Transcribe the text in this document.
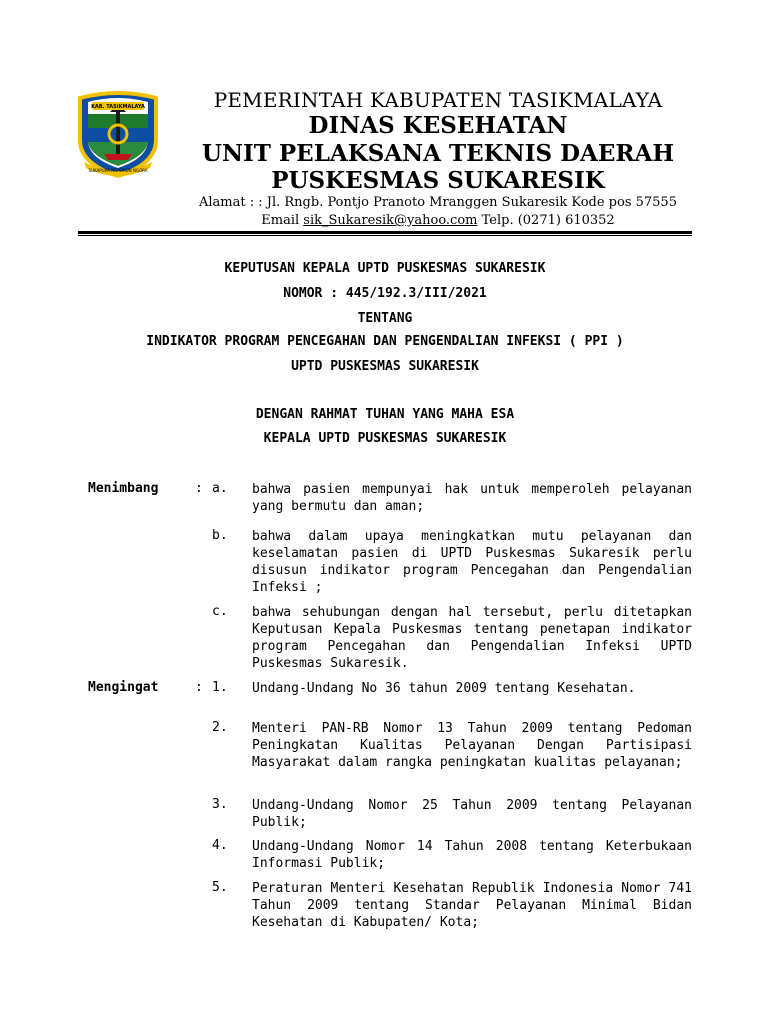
KAB. TASIKMALAYA
SUKAPURA NGADAUN NGORA
PEMERINTAH KABUPATEN TASIKMALAYA
DINAS KESEHATAN
UNIT PELAKSANA TEKNIS DAERAH
PUSKESMAS SUKARESIK
Alamat : : Jl. Rngb. Pontjo Pranoto Mranggen Sukaresik Kode pos 57555
Email sik_Sukaresik@yahoo.com Telp. (0271) 610352
KEPUTUSAN KEPALA UPTD PUSKESMAS SUKARESIK
NOMOR : 445/192.3/III/2021
TENTANG
INDIKATOR PROGRAM PENCEGAHAN DAN PENGENDALIAN INFEKSI ( PPI )
UPTD PUSKESMAS SUKARESIK
DENGAN RAHMAT TUHAN YANG MAHA ESA
KEPALA UPTD PUSKESMAS SUKARESIK
Menimbang	: a. bahwa pasien mempunyai hak untuk memperoleh pelayanan yang bermutu dan aman;
b. bahwa dalam upaya meningkatkan mutu pelayanan dan keselamatan pasien di UPTD Puskesmas Sukaresik perlu disusun indikator program Pencegahan dan Pengendalian Infeksi ;
c. bahwa sehubungan dengan hal tersebut, perlu ditetapkan Keputusan Kepala Puskesmas tentang penetapan indikator program Pencegahan dan Pengendalian Infeksi UPTD Puskesmas Sukaresik.
Mengingat	: 1. Undang-Undang No 36 tahun 2009 tentang Kesehatan.
2. Menteri PAN-RB Nomor 13 Tahun 2009 tentang Pedoman Peningkatan Kualitas Pelayanan Dengan Partisipasi Masyarakat dalam rangka peningkatan kualitas pelayanan;
3. Undang-Undang Nomor 25 Tahun 2009 tentang Pelayanan Publik;
4. Undang-Undang Nomor 14 Tahun 2008 tentang Keterbukaan Informasi Publik;
5. Peraturan Menteri Kesehatan Republik Indonesia Nomor 741 Tahun 2009 tentang Standar Pelayanan Minimal Bidan Kesehatan di Kabupaten/ Kota;
